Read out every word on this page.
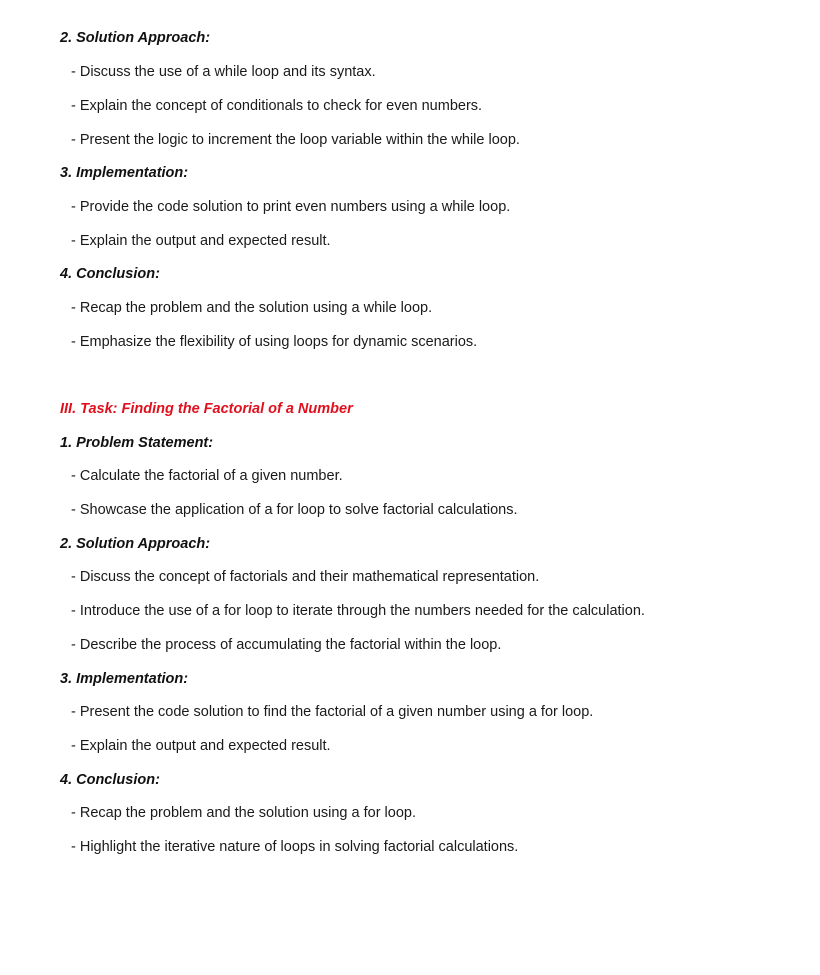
2. Solution Approach:
- Discuss the use of a while loop and its syntax.
- Explain the concept of conditionals to check for even numbers.
- Present the logic to increment the loop variable within the while loop.
3. Implementation:
- Provide the code solution to print even numbers using a while loop.
- Explain the output and expected result.
4. Conclusion:
- Recap the problem and the solution using a while loop.
- Emphasize the flexibility of using loops for dynamic scenarios.
III. Task: Finding the Factorial of a Number
1. Problem Statement:
- Calculate the factorial of a given number.
- Showcase the application of a for loop to solve factorial calculations.
2. Solution Approach:
- Discuss the concept of factorials and their mathematical representation.
- Introduce the use of a for loop to iterate through the numbers needed for the calculation.
- Describe the process of accumulating the factorial within the loop.
3. Implementation:
- Present the code solution to find the factorial of a given number using a for loop.
- Explain the output and expected result.
4. Conclusion:
- Recap the problem and the solution using a for loop.
- Highlight the iterative nature of loops in solving factorial calculations.
